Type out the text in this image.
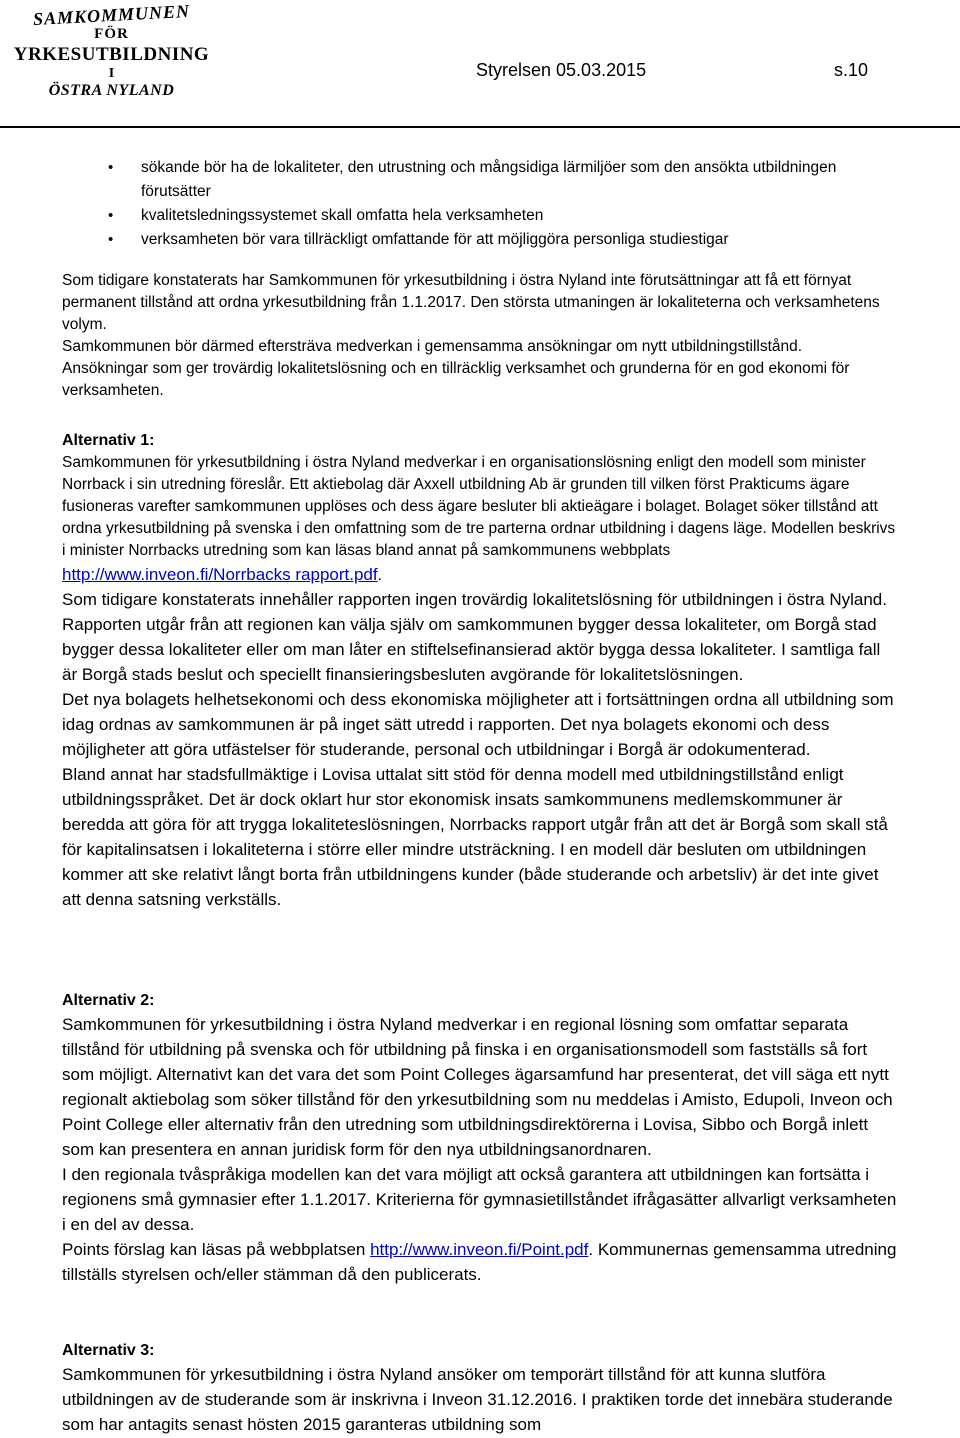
SAMKOMMUNEN
FÖR
YRKESUTBILDNING
I
ÖSTRA NYLAND
Styrelsen 05.03.2015	s.10
• sökande bör ha de lokaliteter, den utrustning och mångsidiga lärmiljöer som den ansökta utbildningen förutsätter
• kvalitetsledningssystemet skall omfatta hela verksamheten
• verksamheten bör vara tillräckligt omfattande för att möjliggöra personliga studiestigar

Som tidigare konstaterats har Samkommunen för yrkesutbildning i östra Nyland inte förutsättningar att få ett förnyat permanent tillstånd att ordna yrkesutbildning från 1.1.2017. Den största utmaningen är lokaliteterna och verksamhetens volym.

Samkommunen bör därmed eftersträva medverkan i gemensamma ansökningar om nytt utbildningstillstånd.

Ansökningar som ger trovärdig lokalitetslösning och en tillräcklig verksamhet och grunderna för en god ekonomi för verksamheten.

Alternativ 1:

Samkommunen för yrkesutbildning i östra Nyland medverkar i en organisationslösning enligt den modell som minister Norrback i sin utredning föreslår. Ett aktiebolag där Axxell utbildning Ab är grunden till vilken först Prakticums ägare fusioneras varefter samkommunen upplöses och dess ägare besluter bli aktieägare i bolaget. Bolaget söker tillstånd att ordna yrkesutbildning på svenska i den omfattning som de tre parterna ordnar utbildning i dagens läge. Modellen beskrivs i minister Norrbacks utredning som kan läsas bland annat på samkommunens webbplats http://www.inveon.fi/Norrbacks rapport.pdf.

Som tidigare konstaterats innehåller rapporten ingen trovärdig lokalitetslösning för utbildningen i östra Nyland. Rapporten utgår från att regionen kan välja själv om samkommunen bygger dessa lokaliteter, om Borgå stad bygger dessa lokaliteter eller om man låter en stiftelsefinansierad aktör bygga dessa lokaliteter. I samtliga fall är Borgå stads beslut och speciellt finansieringsbesluten avgörande för lokalitetslösningen.

Det nya bolagets helhetsekonomi och dess ekonomiska möjligheter att i fortsättningen ordna all utbildning som idag ordnas av samkommunen är på inget sätt utredd i rapporten. Det nya bolagets ekonomi och dess möjligheter att göra utfästelser för studerande, personal och utbildningar i Borgå är odokumenterad.

Bland annat har stadsfullmäktige i Lovisa uttalat sitt stöd för denna modell med utbildningstillstånd enligt utbildningsspråket. Det är dock oklart hur stor ekonomisk insats samkommunens medlemskommuner är beredda att göra för att trygga lokaliteteslösningen, Norrbacks rapport utgår från att det är Borgå som skall stå för kapitalinsatsen i lokaliteterna i större eller mindre utsträckning. I en modell där besluten om utbildningen kommer att ske relativt långt borta från utbildningens kunder (både studerande och arbetsliv) är det inte givet att denna satsning verkställs.

Alternativ 2:

Samkommunen för yrkesutbildning i östra Nyland medverkar i en regional lösning som omfattar separata tillstånd för utbildning på svenska och för utbildning på finska i en organisationsmodell som fastställs så fort som möjligt. Alternativt kan det vara det som Point Colleges ägarsamfund har presenterat, det vill säga ett nytt regionalt aktiebolag som söker tillstånd för den yrkesutbildning som nu meddelas i Amisto, Edupoli, Inveon och Point College eller alternativ från den utredning som utbildningsdirektörerna i Lovisa, Sibbo och Borgå inlett som kan presentera en annan juridisk form för den nya utbildningsanordnaren.

I den regionala tvåspråkiga modellen kan det vara möjligt att också garantera att utbildningen kan fortsätta i regionens små gymnasier efter 1.1.2017. Kriterierna för gymnasietillståndet ifrågasätter allvarligt verksamheten i en del av dessa.

Points förslag kan läsas på webbplatsen http://www.inveon.fi/Point.pdf. Kommunernas gemensamma utredning tillställs styrelsen och/eller stämman då den publicerats.

Alternativ 3:

Samkommunen för yrkesutbildning i östra Nyland ansöker om temporärt tillstånd för att kunna slutföra utbildningen av de studerande som är inskrivna i Inveon 31.12.2016. I praktiken torde det innebära studerande som har antagits senast hösten 2015 garanteras utbildning som
